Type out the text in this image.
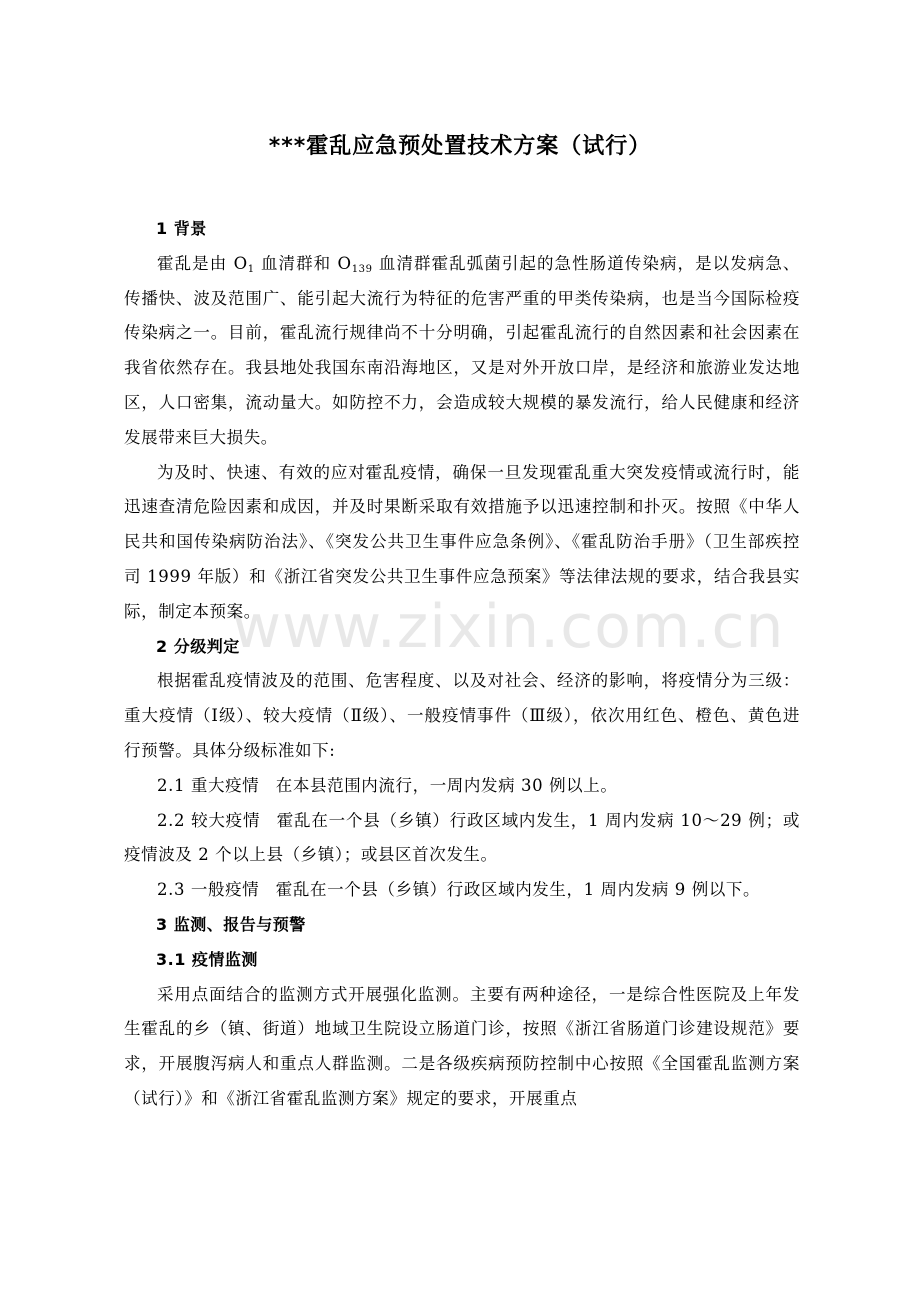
www.zixin.com.cn
***霍乱应急预处置技术方案（试行）

1 背景

霍乱是由 $O_1$ 血清群和 $O_{139}$ 血清群霍乱弧菌引起的急性肠道传染病，是以发病急、传播快、波及范围广、能引起大流行为特征的危害严重的甲类传染病，也是当今国际检疫传染病之一。目前，霍乱流行规律尚不十分明确，引起霍乱流行的自然因素和社会因素在我省依然存在。我县地处我国东南沿海地区，又是对外开放口岸，是经济和旅游业发达地区，人口密集，流动量大。如防控不力，会造成较大规模的暴发流行，给人民健康和经济发展带来巨大损失。

为及时、快速、有效的应对霍乱疫情，确保一旦发现霍乱重大突发疫情或流行时，能迅速查清危险因素和成因，并及时果断采取有效措施予以迅速控制和扑灭。按照《中华人民共和国传染病防治法》、《突发公共卫生事件应急条例》、《霍乱防治手册》（卫生部疾控司 1999 年版）和《浙江省突发公共卫生事件应急预案》等法律法规的要求，结合我县实际，制定本预案。

2 分级判定

根据霍乱疫情波及的范围、危害程度、以及对社会、经济的影响，将疫情分为三级：重大疫情（Ⅰ级）、较大疫情（Ⅱ级）、一般疫情事件（Ⅲ级），依次用红色、橙色、黄色进行预警。具体分级标准如下:

2.1 重大疫情 在本县范围内流行，一周内发病 30 例以上。

2.2 较大疫情 霍乱在一个县（乡镇）行政区域内发生，1 周内发病 10～29 例；或疫情波及 2 个以上县（乡镇）；或县区首次发生。

2.3 一般疫情 霍乱在一个县（乡镇）行政区域内发生，1 周内发病 9 例以下。

3 监测、报告与预警

3.1 疫情监测

采用点面结合的监测方式开展强化监测。主要有两种途径，一是综合性医院及上年发生霍乱的乡（镇、街道）地域卫生院设立肠道门诊，按照《浙江省肠道门诊建设规范》要求，开展腹泻病人和重点人群监测。二是各级疾病预防控制中心按照《全国霍乱监测方案（试行）》和《浙江省霍乱监测方案》规定的要求，开展重点
